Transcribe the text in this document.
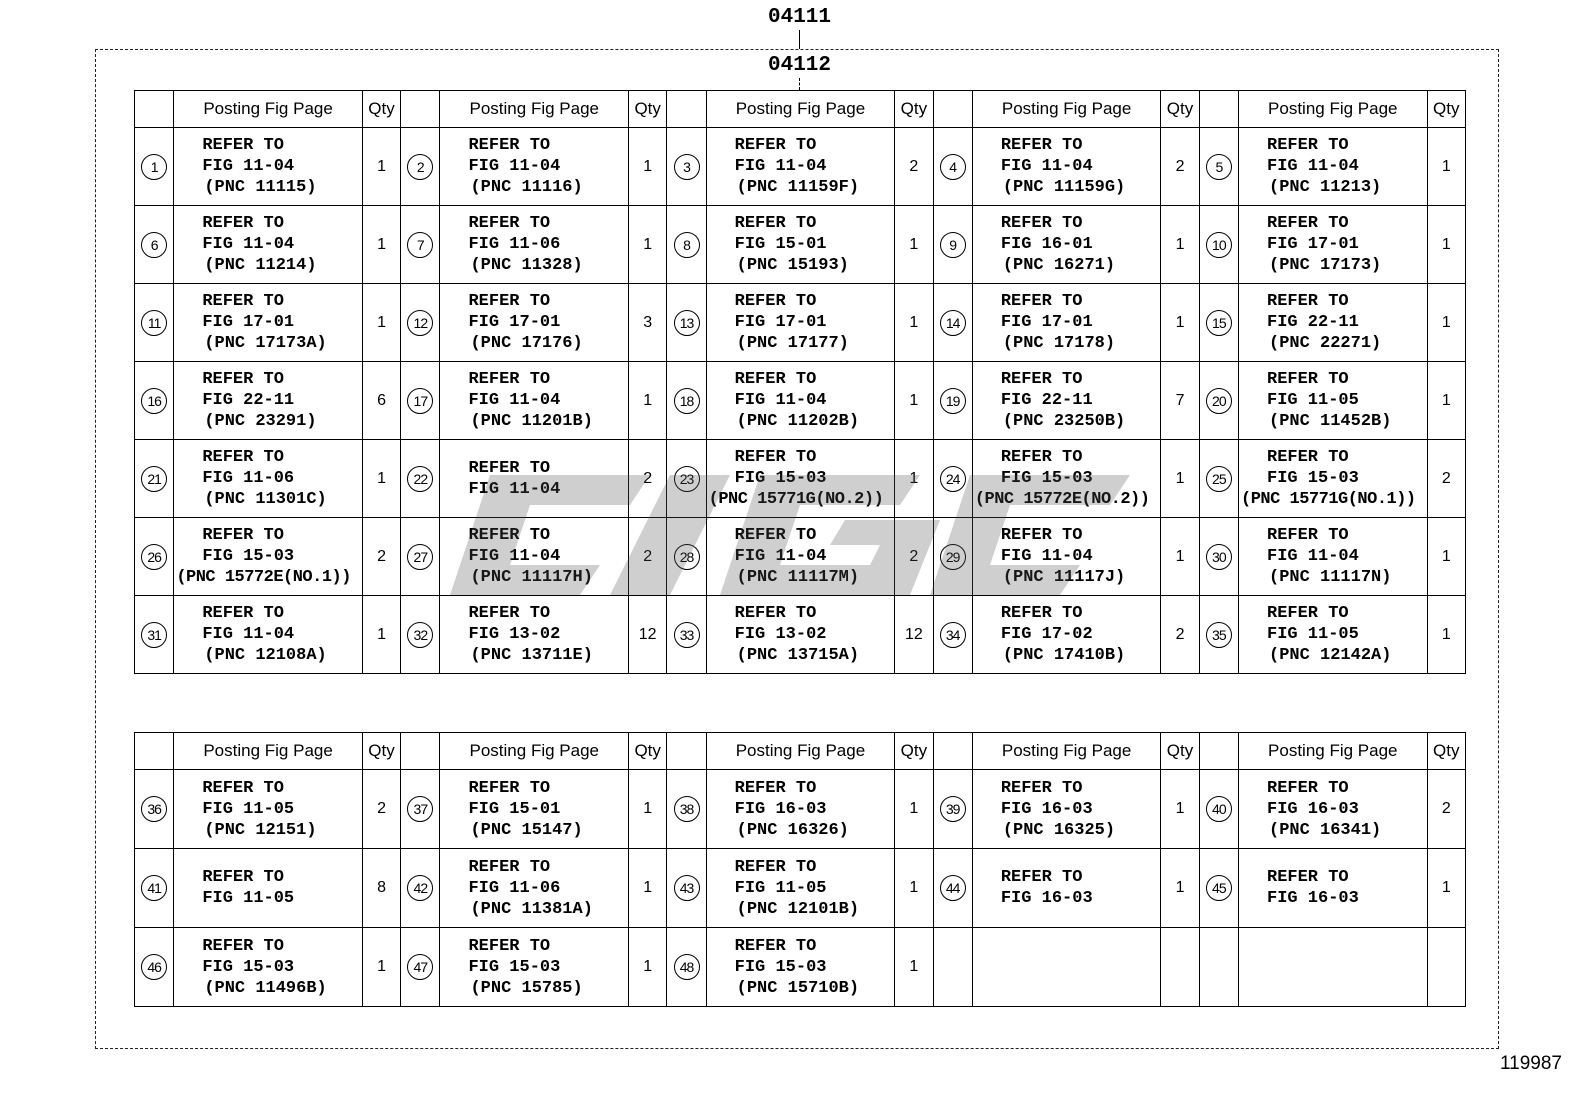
04111
04112
	Posting Fig Page	Qty		Posting Fig Page	Qty		Posting Fig Page	Qty		Posting Fig Page	Qty		Posting Fig Page	Qty
1	REFER TO
FIG 11-04
(PNC 11115)	1	2	REFER TO
FIG 11-04
(PNC 11116)	1	3	REFER TO
FIG 11-04
(PNC 11159F)	2	4	REFER TO
FIG 11-04
(PNC 11159G)	2	5	REFER TO
FIG 11-04
(PNC 11213)	1
6	REFER TO
FIG 11-04
(PNC 11214)	1	7	REFER TO
FIG 11-06
(PNC 11328)	1	8	REFER TO
FIG 15-01
(PNC 15193)	1	9	REFER TO
FIG 16-01
(PNC 16271)	1	10	REFER TO
FIG 17-01
(PNC 17173)	1
11	REFER TO
FIG 17-01
(PNC 17173A)	1	12	REFER TO
FIG 17-01
(PNC 17176)	3	13	REFER TO
FIG 17-01
(PNC 17177)	1	14	REFER TO
FIG 17-01
(PNC 17178)	1	15	REFER TO
FIG 22-11
(PNC 22271)	1
16	REFER TO
FIG 22-11
(PNC 23291)	6	17	REFER TO
FIG 11-04
(PNC 11201B)	1	18	REFER TO
FIG 11-04
(PNC 11202B)	1	19	REFER TO
FIG 22-11
(PNC 23250B)	7	20	REFER TO
FIG 11-05
(PNC 11452B)	1
21	REFER TO
FIG 11-06
(PNC 11301C)	1	22	REFER TO
FIG 11-04	2	23	REFER TO
FIG 15-03
(PNC 15771G(NO.2))	1	24	REFER TO
FIG 15-03
(PNC 15772E(NO.2))	1	25	REFER TO
FIG 15-03
(PNC 15771G(NO.1))	2
26	REFER TO
FIG 15-03
(PNC 15772E(NO.1))	2	27	REFER TO
FIG 11-04
(PNC 11117H)	2	28	REFER TO
FIG 11-04
(PNC 11117M)	2	29	REFER TO
FIG 11-04
(PNC 11117J)	1	30	REFER TO
FIG 11-04
(PNC 11117N)	1
31	REFER TO
FIG 11-04
(PNC 12108A)	1	32	REFER TO
FIG 13-02
(PNC 13711E)	12	33	REFER TO
FIG 13-02
(PNC 13715A)	12	34	REFER TO
FIG 17-02
(PNC 17410B)	2	35	REFER TO
FIG 11-05
(PNC 12142A)	1
	Posting Fig Page	Qty		Posting Fig Page	Qty		Posting Fig Page	Qty		Posting Fig Page	Qty		Posting Fig Page	Qty
36	REFER TO
FIG 11-05
(PNC 12151)	2	37	REFER TO
FIG 15-01
(PNC 15147)	1	38	REFER TO
FIG 16-03
(PNC 16326)	1	39	REFER TO
FIG 16-03
(PNC 16325)	1	40	REFER TO
FIG 16-03
(PNC 16341)	2
41	REFER TO
FIG 11-05	8	42	REFER TO
FIG 11-06
(PNC 11381A)	1	43	REFER TO
FIG 11-05
(PNC 12101B)	1	44	REFER TO
FIG 16-03	1	45	REFER TO
FIG 16-03	1
46	REFER TO
FIG 15-03
(PNC 11496B)	1	47	REFER TO
FIG 15-03
(PNC 15785)	1	48	REFER TO
FIG 15-03
(PNC 15710B)	1		

119987
